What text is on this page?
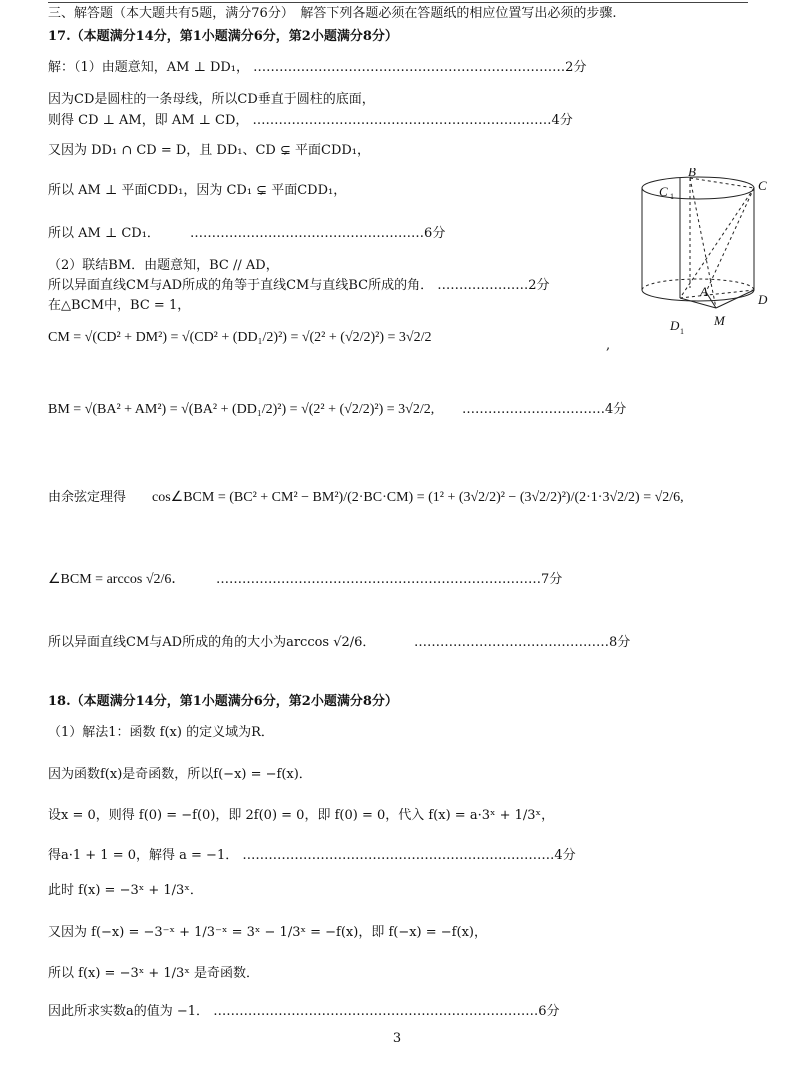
三、解答题（本大题共有5题，满分76分）　解答下列各题必须在答题纸的相应位置写出必须的步骤.
17.（本题满分14分，第1小题满分6分，第2小题满分8分）
解：（1）由题意知，AM ⊥ DD₁， ………………………………………………………………2分
因为CD是圆柱的一条母线，所以CD垂直于圆柱的底面，
则得 CD ⊥ AM，即 AM ⊥ CD， ……………………………………………………………4分
又因为 DD₁ ∩ CD = D，且 DD₁、CD ⊊ 平面CDD₁，
所以 AM ⊥ 平面CDD₁，因为 CD₁ ⊊ 平面CDD₁，
所以 AM ⊥ CD₁． ………………………………………………6分
（2）联结BM．由题意知，BC // AD，
所以异面直线CM与AD所成的角等于直线CM与直线BC所成的角． …………………2分
在△BCM中，BC = 1，
CM = √(CD² + DM²) = √(CD² + (DD₁/2)²) = √(2² + (√2/2)²) = 3√2/2
,
BM = √(BA² + AM²) = √(BA² + (DD₁/2)²) = √(2² + (√2/2)²) = 3√2/2, ……………………………4分
由余弦定理得 cos∠BCM = (BC² + CM² − BM²)/(2·BC·CM) = (1² + (3√2/2)² − (3√2/2)²)/(2·1·3√2/2) = √2/6,
∠BCM = arccos √2/6． …………………………………………………………………7分
所以异面直线CM与AD所成的角的大小为arccos √2/6．	………………………………………8分
B
C
C 1
A
D
D 1
M
18.（本题满分14分，第1小题满分6分，第2小题满分8分）
（1）解法1：函数 f(x) 的定义域为R．
因为函数f(x)是奇函数，所以f(−x) = −f(x)．
设x = 0，则得 f(0) = −f(0)，即 2f(0) = 0，即 f(0) = 0，代入 f(x) = a·3ˣ + 1/3ˣ，
得a·1 + 1 = 0，解得 a = −1． ………………………………………………………………4分
此时 f(x) = −3ˣ + 1/3ˣ．
又因为 f(−x) = −3⁻ˣ + 1/3⁻ˣ = 3ˣ − 1/3ˣ = −f(x)，即 f(−x) = −f(x)，
所以 f(x) = −3ˣ + 1/3ˣ 是奇函数．
因此所求实数a的值为 −1． …………………………………………………………………6分
3
